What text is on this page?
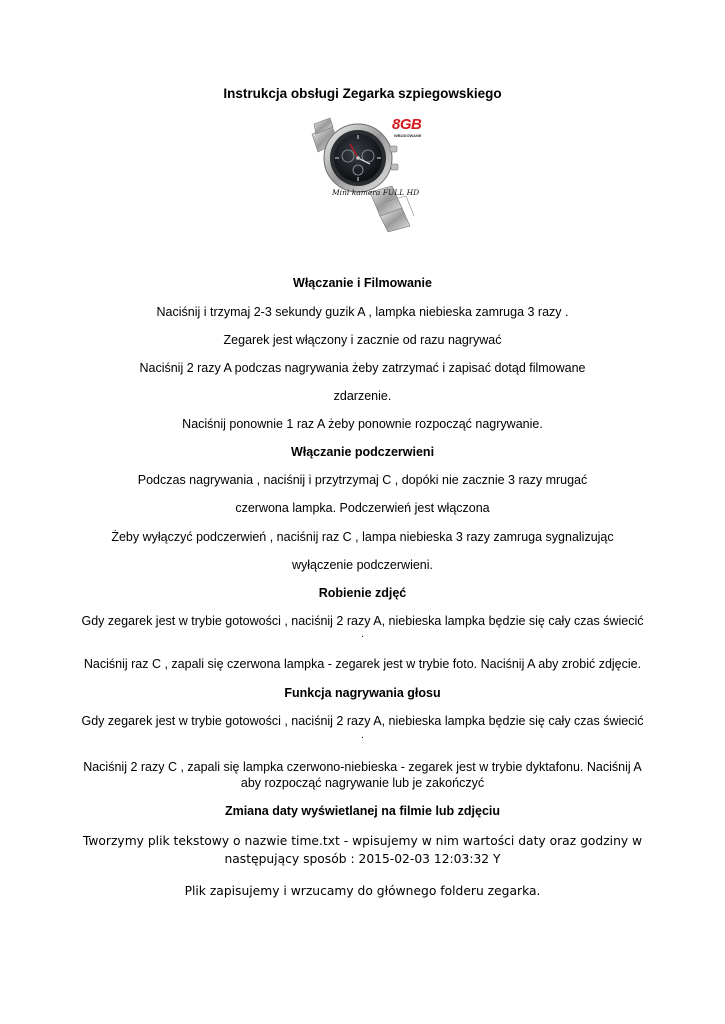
Instrukcja obsługi Zegarka szpiegowskiego
8GB
WBUDOWANE
Mini kamera FULL HD
Włączanie i Filmowanie
Naciśnij i trzymaj 2-3 sekundy guzik A , lampka niebieska zamruga 3 razy .
Zegarek jest włączony i zacznie od razu nagrywać
Naciśnij 2 razy A podczas nagrywania żeby zatrzymać i zapisać dotąd filmowane
zdarzenie.
Naciśnij ponownie 1 raz A żeby ponownie rozpocząć nagrywanie.
Włączanie podczerwieni
Podczas nagrywania , naciśnij i przytrzymaj C , dopóki nie zacznie 3 razy mrugać
czerwona lampka. Podczerwień jest włączona
Żeby wyłączyć podczerwień , naciśnij raz C , lampa niebieska 3 razy zamruga sygnalizując
wyłączenie podczerwieni.
Robienie zdjęć
Gdy zegarek jest w trybie gotowości , naciśnij 2 razy A, niebieska lampka będzie się cały czas świecić
.
Naciśnij raz C , zapali się czerwona lampka - zegarek jest w trybie foto. Naciśnij A aby zrobić zdjęcie.
Funkcja nagrywania głosu
Gdy zegarek jest w trybie gotowości , naciśnij 2 razy A, niebieska lampka będzie się cały czas świecić
.
Naciśnij 2 razy C , zapali się lampka czerwono-niebieska - zegarek jest w trybie dyktafonu. Naciśnij A
aby rozpocząć nagrywanie lub je zakończyć
Zmiana daty wyświetlanej na filmie lub zdjęciu
Tworzymy plik tekstowy o nazwie time.txt - wpisujemy w nim wartości daty oraz godziny w
następujący sposób : 2015-02-03 12:03:32 Y
Plik zapisujemy i wrzucamy do głównego folderu zegarka.
